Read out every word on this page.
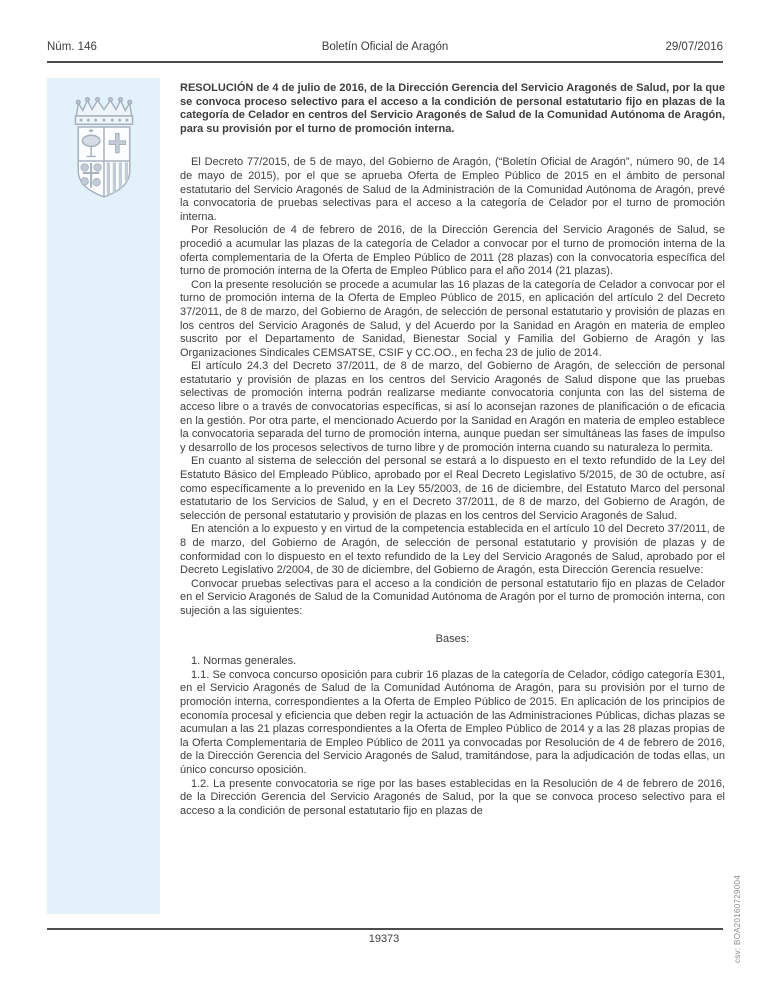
Núm. 146	Boletín Oficial de Aragón	29/07/2016

RESOLUCIÓN de 4 de julio de 2016, de la Dirección Gerencia del Servicio Aragonés de Salud, por la que se convoca proceso selectivo para el acceso a la condición de personal estatutario fijo en plazas de la categoría de Celador en centros del Servicio Aragonés de Salud de la Comunidad Autónoma de Aragón, para su provisión por el turno de promoción interna.

El Decreto 77/2015, de 5 de mayo, del Gobierno de Aragón, (“Boletín Oficial de Aragón”, número 90, de 14 de mayo de 2015), por el que se aprueba Oferta de Empleo Público de 2015 en el ámbito de personal estatutario del Servicio Aragonés de Salud de la Administración de la Comunidad Autónoma de Aragón, prevé la convocatoria de pruebas selectivas para el acceso a la categoría de Celador por el turno de promoción interna.

Por Resolución de 4 de febrero de 2016, de la Dirección Gerencia del Servicio Aragonés de Salud, se procedió a acumular las plazas de la categoría de Celador a convocar por el turno de promoción interna de la oferta complementaria de la Oferta de Empleo Público de 2011 (28 plazas) con la convocatoria específica del turno de promoción interna de la Oferta de Empleo Público para el año 2014 (21 plazas).

Con la presente resolución se procede a acumular las 16 plazas de la categoría de Celador a convocar por el turno de promoción interna de la Oferta de Empleo Público de 2015, en aplicación del artículo 2 del Decreto 37/2011, de 8 de marzo, del Gobierno de Aragón, de selección de personal estatutario y provisión de plazas en los centros del Servicio Aragonés de Salud, y del Acuerdo por la Sanidad en Aragón en materia de empleo suscrito por el Departamento de Sanidad, Bienestar Social y Familia del Gobierno de Aragón y las Organizaciones Sindicales CEMSATSE, CSIF y CC.OO., en fecha 23 de julio de 2014.

El artículo 24.3 del Decreto 37/2011, de 8 de marzo, del Gobierno de Aragón, de selección de personal estatutario y provisión de plazas en los centros del Servicio Aragonés de Salud dispone que las pruebas selectivas de promoción interna podrán realizarse mediante convocatoria conjunta con las del sistema de acceso libre o a través de convocatorias específicas, si así lo aconsejan razones de planificación o de eficacia en la gestión. Por otra parte, el mencionado Acuerdo por la Sanidad en Aragón en materia de empleo establece la convocatoria separada del turno de promoción interna, aunque puedan ser simultáneas las fases de impulso y desarrollo de los procesos selectivos de turno libre y de promoción interna cuando su naturaleza lo permita.

En cuanto al sistema de selección del personal se estará a lo dispuesto en el texto refundido de la Ley del Estatuto Básico del Empleado Público, aprobado por el Real Decreto Legislativo 5/2015, de 30 de octubre, así como específicamente a lo prevenido en la Ley 55/2003, de 16 de diciembre, del Estatuto Marco del personal estatutario de los Servicios de Salud, y en el Decreto 37/2011, de 8 de marzo, del Gobierno de Aragón, de selección de personal estatutario y provisión de plazas en los centros del Servicio Aragonés de Salud.

En atención a lo expuesto y en virtud de la competencia establecida en el artículo 10 del Decreto 37/2011, de 8 de marzo, del Gobierno de Aragón, de selección de personal estatutario y provisión de plazas y de conformidad con lo dispuesto en el texto refundido de la Ley del Servicio Aragonés de Salud, aprobado por el Decreto Legislativo 2/2004, de 30 de diciembre, del Gobierno de Aragón, esta Dirección Gerencia resuelve:

Convocar pruebas selectivas para el acceso a la condición de personal estatutario fijo en plazas de Celador en el Servicio Aragonés de Salud de la Comunidad Autónoma de Aragón por el turno de promoción interna, con sujeción a las siguientes:

Bases:

1. Normas generales.

1.1. Se convoca concurso oposición para cubrir 16 plazas de la categoría de Celador, código categoría E301, en el Servicio Aragonés de Salud de la Comunidad Autónoma de Aragón, para su provisión por el turno de promoción interna, correspondientes a la Oferta de Empleo Público de 2015. En aplicación de los principios de economía procesal y eficiencia que deben regir la actuación de las Administraciones Públicas, dichas plazas se acumulan a las 21 plazas correspondientes a la Oferta de Empleo Público de 2014 y a las 28 plazas propias de la Oferta Complementaria de Empleo Público de 2011 ya convocadas por Resolución de 4 de febrero de 2016, de la Dirección Gerencia del Servicio Aragonés de Salud, tramitándose, para la adjudicación de todas ellas, un único concurso oposición.

1.2. La presente convocatoria se rige por las bases establecidas en la Resolución de 4 de febrero de 2016, de la Dirección Gerencia del Servicio Aragonés de Salud, por la que se convoca proceso selectivo para el acceso a la condición de personal estatutario fijo en plazas de

csv: BOA20160729004
19373
